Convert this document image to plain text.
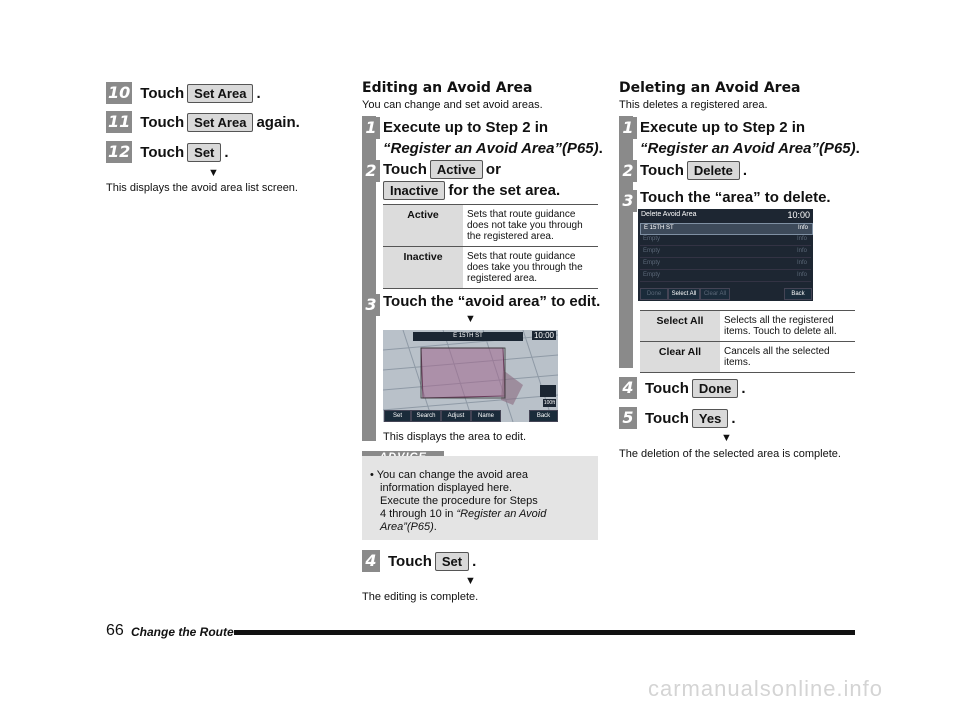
10 Touch Set Area .
11 Touch Set Area again.
12 Touch Set .
▼
This displays the avoid area list screen.
Editing an Avoid Area
You can change and set avoid areas.
1 Execute up to Step 2 in
“Register an Avoid Area”(P65).
2 Touch Active or
Inactive for the set area.
Active	Sets that route guidance does not take you through the registered area.
Inactive	Sets that route guidance does take you through the registered area.
3 Touch the “avoid area” to edit.
▼
E 15TH ST	10:00
100ft
Set	Search	Adjust	Name	Back
This displays the area to edit.
• You can change the avoid area
information displayed here.
Execute the procedure for Steps
4 through 10 in “Register an Avoid
Area”(P65).
4 Touch Set .
▼
The editing is complete.
Deleting an Avoid Area
This deletes a registered area.
1 Execute up to Step 2 in
“Register an Avoid Area”(P65).
2 Touch Delete .
3 Touch the “area” to delete.
Delete Avoid Area	10:00
E 15TH ST	Info
Empty	Info
Empty	Info
Empty	Info
Empty	Info
Done	Select All	Clear All	Back
Select All	Selects all the registered items. Touch to delete all.
Clear All	Cancels all the selected items.
4 Touch Done .
5 Touch Yes .
▼
The deletion of the selected area is complete.
66 Change the Route
carmanualsonline.info
